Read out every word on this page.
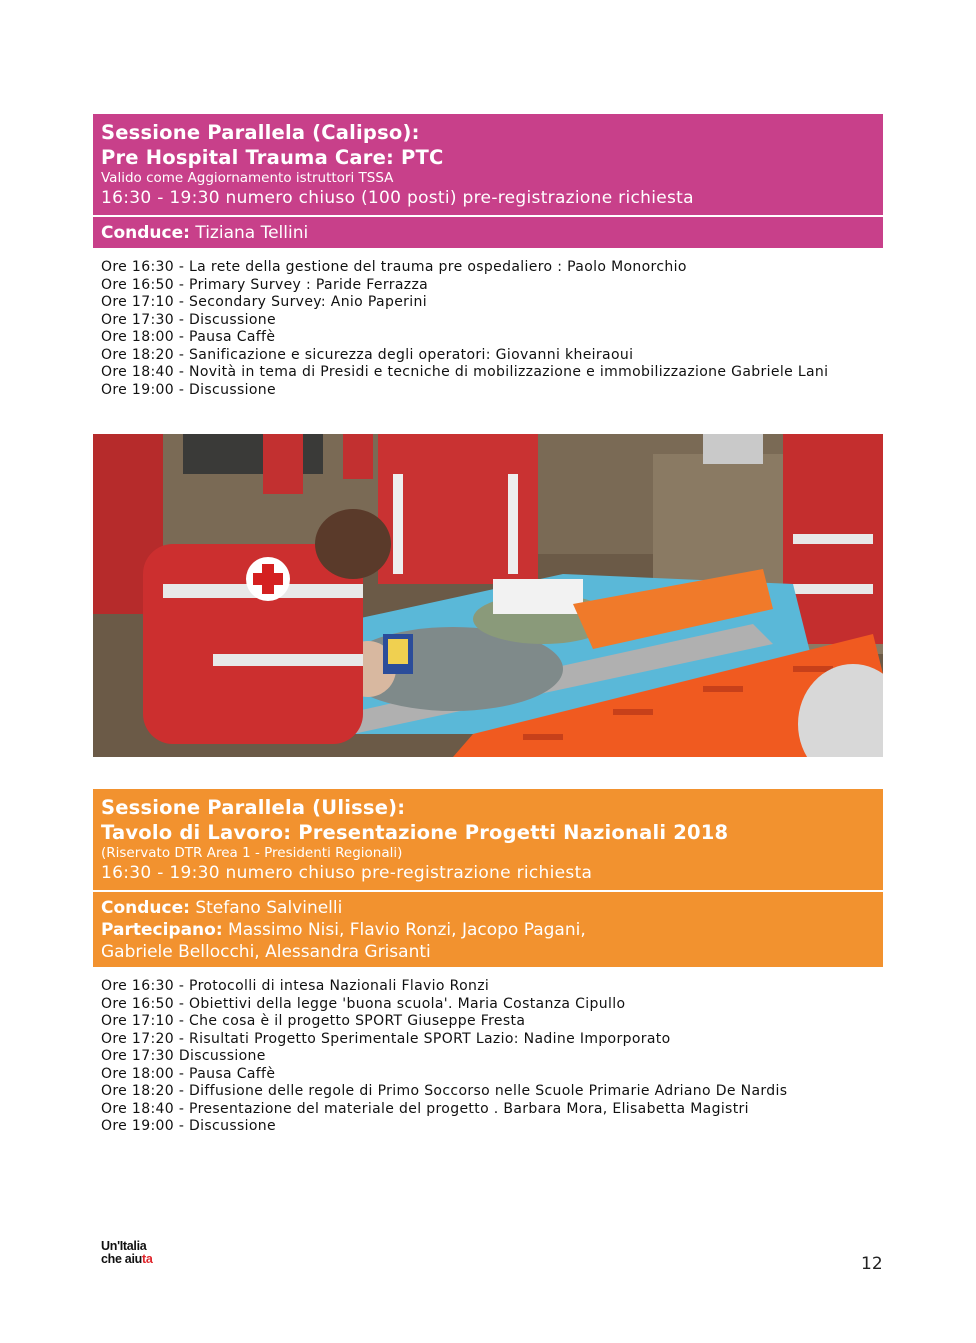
Sessione Parallela (Calipso):
Pre Hospital Trauma Care: PTC
Valido come Aggiornamento istruttori TSSA
16:30 - 19:30 numero chiuso (100 posti) pre-registrazione richiesta
Conduce: Tiziana Tellini
Ore 16:30 - La rete della gestione del trauma pre ospedaliero : Paolo Monorchio
Ore 16:50 - Primary Survey : Paride Ferrazza
Ore 17:10 - Secondary Survey: Anio Paperini
Ore 17:30 - Discussione
Ore 18:00 - Pausa Caffè
Ore 18:20 - Sanificazione e sicurezza degli operatori: Giovanni kheiraoui
Ore 18:40 - Novità in tema di Presidi e tecniche di mobilizzazione e immobilizzazione Gabriele Lani
Ore 19:00 - Discussione
Sessione Parallela (Ulisse):
Tavolo di Lavoro: Presentazione Progetti Nazionali 2018
(Riservato DTR Area 1 - Presidenti Regionali)
16:30 - 19:30 numero chiuso pre-registrazione richiesta
Conduce: Stefano Salvinelli
Partecipano: Massimo Nisi, Flavio Ronzi, Jacopo Pagani,
Gabriele Bellocchi, Alessandra Grisanti
Ore 16:30 - Protocolli di intesa Nazionali Flavio Ronzi
Ore 16:50 - Obiettivi della legge 'buona scuola'. Maria Costanza Cipullo
Ore 17:10 - Che cosa è il progetto SPORT Giuseppe Fresta
Ore 17:20 - Risultati Progetto Sperimentale SPORT Lazio: Nadine Imporporato
Ore 17:30 Discussione
Ore 18:00 - Pausa Caffè
Ore 18:20 - Diffusione delle regole di Primo Soccorso nelle Scuole Primarie Adriano De Nardis
Ore 18:40 - Presentazione del materiale del progetto . Barbara Mora, Elisabetta Magistri
Ore 19:00 - Discussione
Un'Italia
che aiuta	12
